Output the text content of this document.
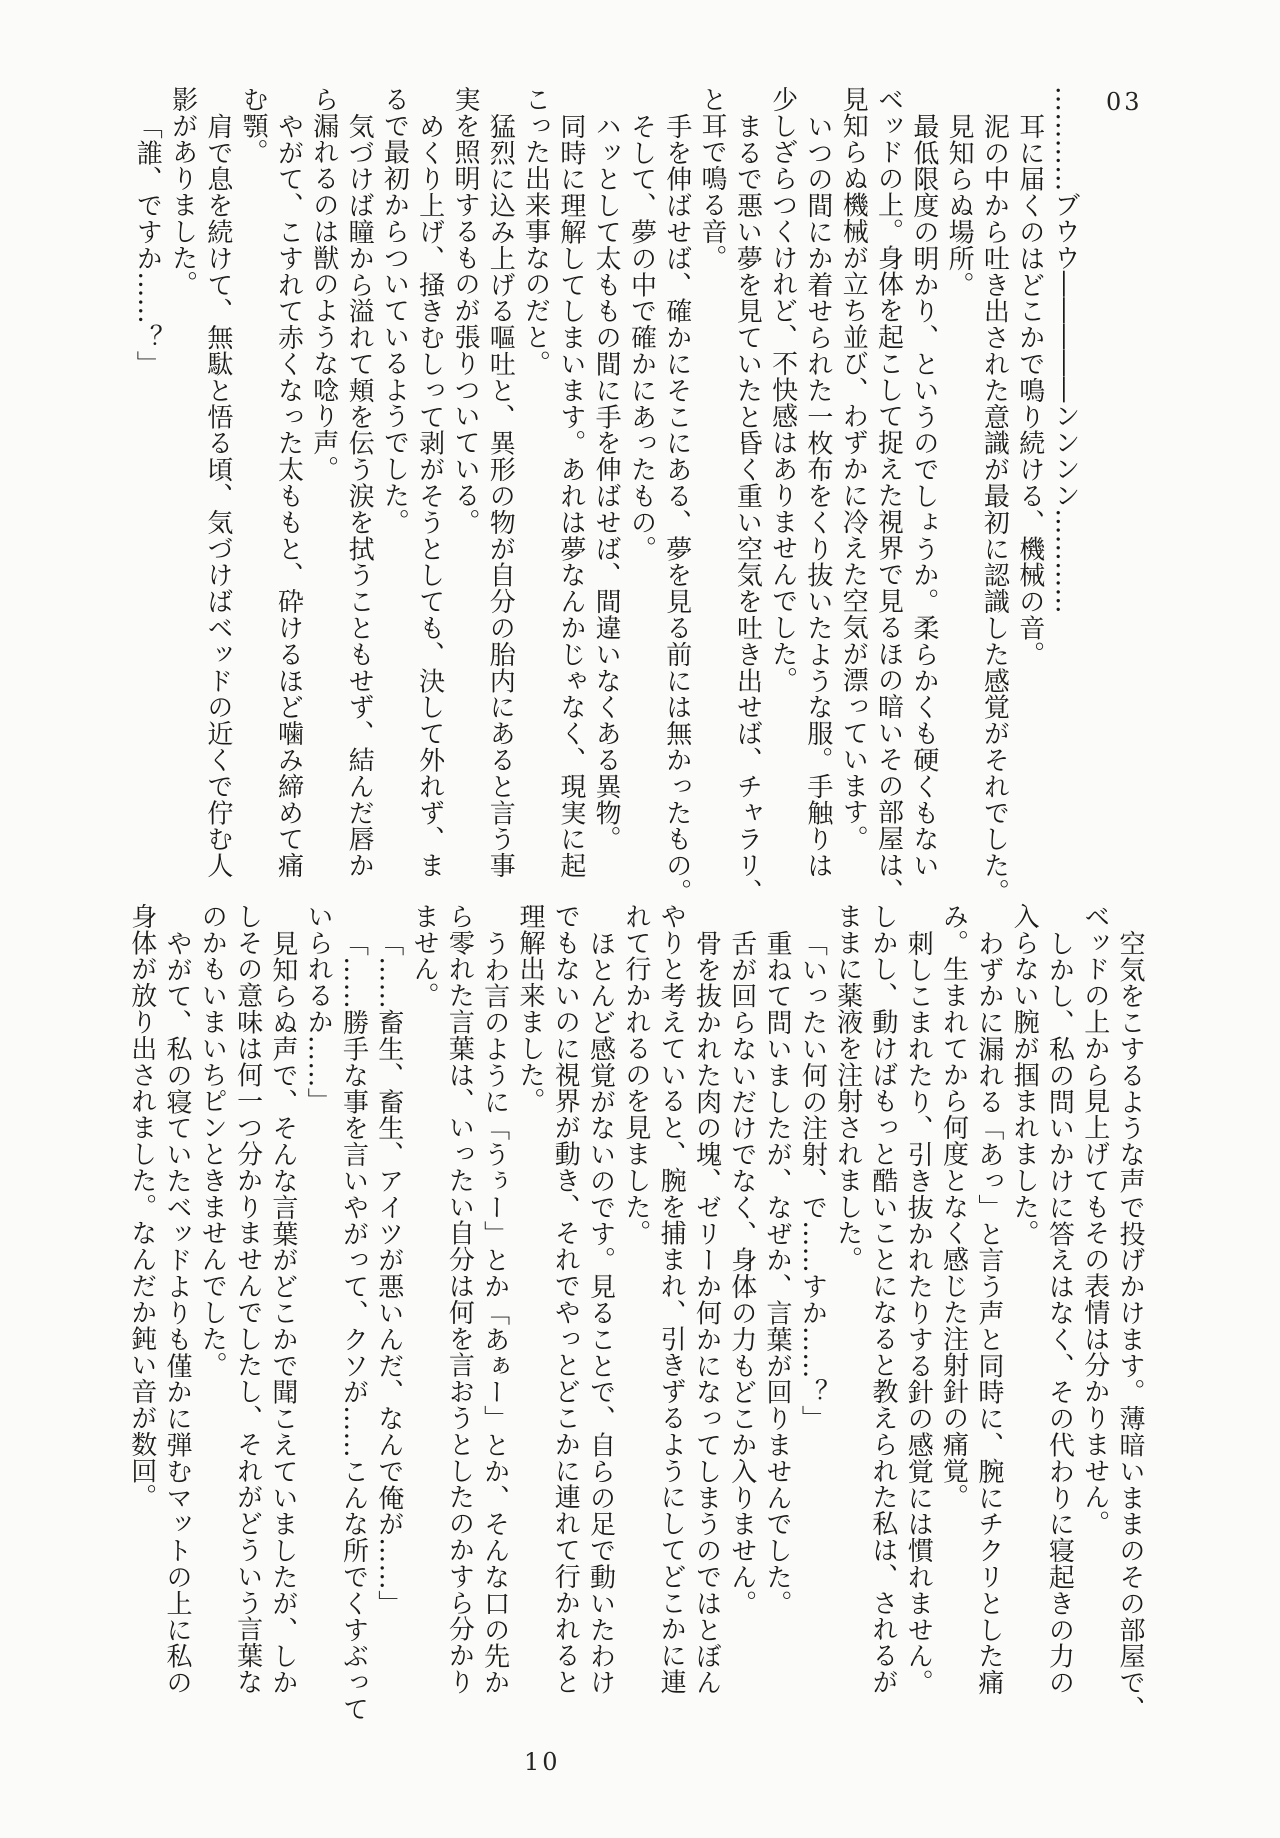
03
…………ブウウ―――――ンンンン…………
耳に届くのはどこかで鳴り続ける、機械の音。
泥の中から吐き出された意識が最初に認識した感覚がそれでした。
見知らぬ場所。
最低限度の明かり、というのでしょうか。柔らかくも硬くもない
ベッドの上。身体を起こして捉えた視界で見るほの暗いその部屋は、
見知らぬ機械が立ち並び、わずかに冷えた空気が漂っています。
いつの間にか着せられた一枚布をくり抜いたような服。手触りは
少しざらつくけれど、不快感はありませんでした。
まるで悪い夢を見ていたと昏く重い空気を吐き出せば、チャラリ、
と耳で鳴る音。
手を伸ばせば、確かにそこにある、夢を見る前には無かったもの。
そして、夢の中で確かにあったもの。
ハッとして太ももの間に手を伸ばせば、間違いなくある異物。
同時に理解してしまいます。あれは夢なんかじゃなく、現実に起
こった出来事なのだと。
猛烈に込み上げる嘔吐と、異形の物が自分の胎内にあると言う事
実を照明するものが張りついている。
めくり上げ、掻きむしって剥がそうとしても、決して外れず、ま
るで最初からついているようでした。
気づけば瞳から溢れて頬を伝う涙を拭うこともせず、結んだ唇か
ら漏れるのは獣のような唸り声。
やがて、こすれて赤くなった太ももと、砕けるほど噛み締めて痛
む顎。
肩で息を続けて、無駄と悟る頃、気づけばベッドの近くで佇む人
影がありました。
「誰、ですか……？」
空気をこするような声で投げかけます。薄暗いままのその部屋で、
ベッドの上から見上げてもその表情は分かりません。
しかし、私の問いかけに答えはなく、その代わりに寝起きの力の
入らない腕が掴まれました。
わずかに漏れる「あっ」と言う声と同時に、腕にチクリとした痛
み。生まれてから何度となく感じた注射針の痛覚。
刺しこまれたり、引き抜かれたりする針の感覚には慣れません。
しかし、動けばもっと酷いことになると教えられた私は、されるが
ままに薬液を注射されました。
「いったい何の注射、で……すか……？」
重ねて問いましたが、なぜか、言葉が回りませんでした。
舌が回らないだけでなく、身体の力もどこか入りません。
骨を抜かれた肉の塊、ゼリーか何かになってしまうのではとぼん
やりと考えていると、腕を捕まれ、引きずるようにしてどこかに連
れて行かれるのを見ました。
ほとんど感覚がないのです。見ることで、自らの足で動いたわけ
でもないのに視界が動き、それでやっとどこかに連れて行かれると
理解出来ました。
うわ言のように「うぅー」とか「あぁー」とか、そんな口の先か
ら零れた言葉は、いったい自分は何を言おうとしたのかすら分かり
ません。
「……畜生、畜生、アイツが悪いんだ、なんで俺が……」
「……勝手な事を言いやがって、クソが……こんな所でくすぶって
いられるか……」
見知らぬ声で、そんな言葉がどこかで聞こえていましたが、しか
しその意味は何一つ分かりませんでしたし、それがどういう言葉な
のかもいまいちピンときませんでした。
やがて、私の寝ていたベッドよりも僅かに弾むマットの上に私の
身体が放り出されました。なんだか鈍い音が数回。
10
